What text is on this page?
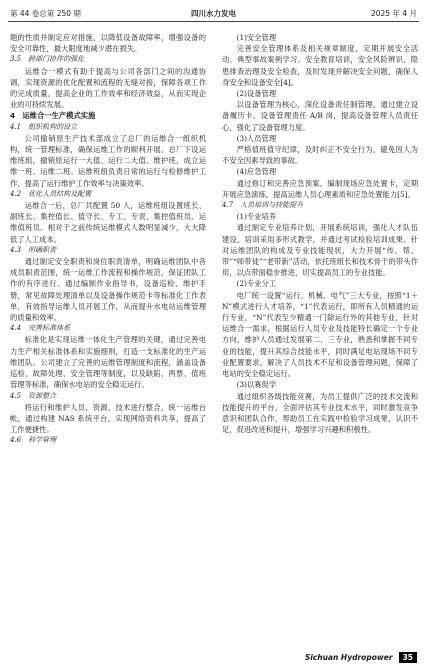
第 44 卷总第 250 期	四川水力发电	2025 年 4 月

题的性质并制定应对措施，以降低设备故障率，增强设备的安全可靠性，最大限度地减少潜在损失。

3.5　跨部门协作的强化

运维合一模式有助于提高与公司各部门之间的沟通协调，实现资源的优化配置和流程的无缝对接，保障各项工作的完成质量，提高企业的工作效率和经济效益，从而实现企业的可持续发展。

4　运维合一生产模式实施

4.1　组织机构的设立

公司撤销原生产技术部成立了总厂的运维合一组织机构，统一管理标准，确保运维工作的顺利开展。总厂下设运维班组，撤销原运行一大值、运行二大值、维护班，成立运维一班、运维二班。运维班组负责日常的运行与检修维护工作，提高了运行维护工作效率与决策效率。

4.2　优化人员结构及配置

运维合一后，总厂共配置 50 人，运维班组设置班长、副班长、集控值长、值守长、专工、专责、集控值班员、运维值班员。相对于之前传统运维模式人数明显减少，大大降低了人工成本。

4.3　明确职责

通过制定安全职责和岗位职责清单，明确运维团队中各成员职责范围，统一运维工作流程和操作规范，保证团队工作的有序进行。通过编制作业指导书，设备巡检、维护手册，常见故障处理清单以及设备操作规范卡等标准化工作表单，有效指导运维人员开展工作，从而提升水电站运维管理的质量和效率。

4.4　完善标准体系

标准化是实现运维一体化生产管理的关键，通过完善电力生产相关标准体系和实施细则，打造一支标准化的生产运维团队。公司建立了完善的运维管理制度和流程，涵盖设备巡检、故障处理、安全管理等制度，以及缺陷、两票、值班管理等标准，确保水电站的安全稳定运行。

4.5　资源整合

将运行和维护人员、资源、技术进行整合。统一运维台帐，通过构建 NAS 系统平台，实现网络资料共享，提高了工作便捷性。

4.6　科学管理

(1)安全管理

完善安全管理体系及相关规章制度，定期开展安全活动、典型事故案例学习、安全教育培训，安全风险辨识、隐患排查治理及安全检查，及时发现并解决安全问题，确保人身安全和设备安全[4]。

(2)设备管理

以设备管理为核心，深化设备责任制管理，通过建立设备履历卡、设备管理责任 A/B 岗，提高设备管理人员责任心，强化了设备管理力度。

(3)人员管理

严格值班值守纪律，及时纠正不安全行为，避免因人为不安全因素导致的事故。

(4)应急管理

通过修订和完善应急预案，编制现场应急处置卡，定期开展应急演练，提高运维人员心理素质和应急处置能力[5]。

4.7　人员培训与技能提升

(1)专业培养

通过制定专业培养计划，开展系统培训，强化人才队伍建设，培训采用多形式教学，并通过考试检验培训成果。针对运维团队的构成及专业技能现状，大力开展“传、帮、带”“师带徒”“老带新”活动，依托班组长和技术骨干的带头作用，以点带面稳步推进，切实提高员工的专业技能。

(2)专业分工

电厂统一设置“运行、机械、电气”三大专业，按照“1＋N”模式进行人才培养，“1”代表运行，即所有人员精通的运行专业，“N”代表至少精通一门除运行外的其他专业，针对运维合一需求，根据运行人员专业及技能特长确定一个专业方向，维护人员通过发展第二、三专业，熟悉和掌握不同专业的技能，提升其综合技能水平，同时满足电站现场不同专业配置要求，解决了人员技术不足和设备管理问题，保障了电站的安全稳定运行。

(3)以赛促学

通过组织各级技能竞赛，为员工提供广泛的技术交流和技能提升的平台，全面评估其专业技术水平，同时激发竞争意识和团队合作，帮助员工在实践中检验学习成果，认识不足，促进改进和提升，增强学习兴趣和积极性。

Sichuan Hydropower	35
